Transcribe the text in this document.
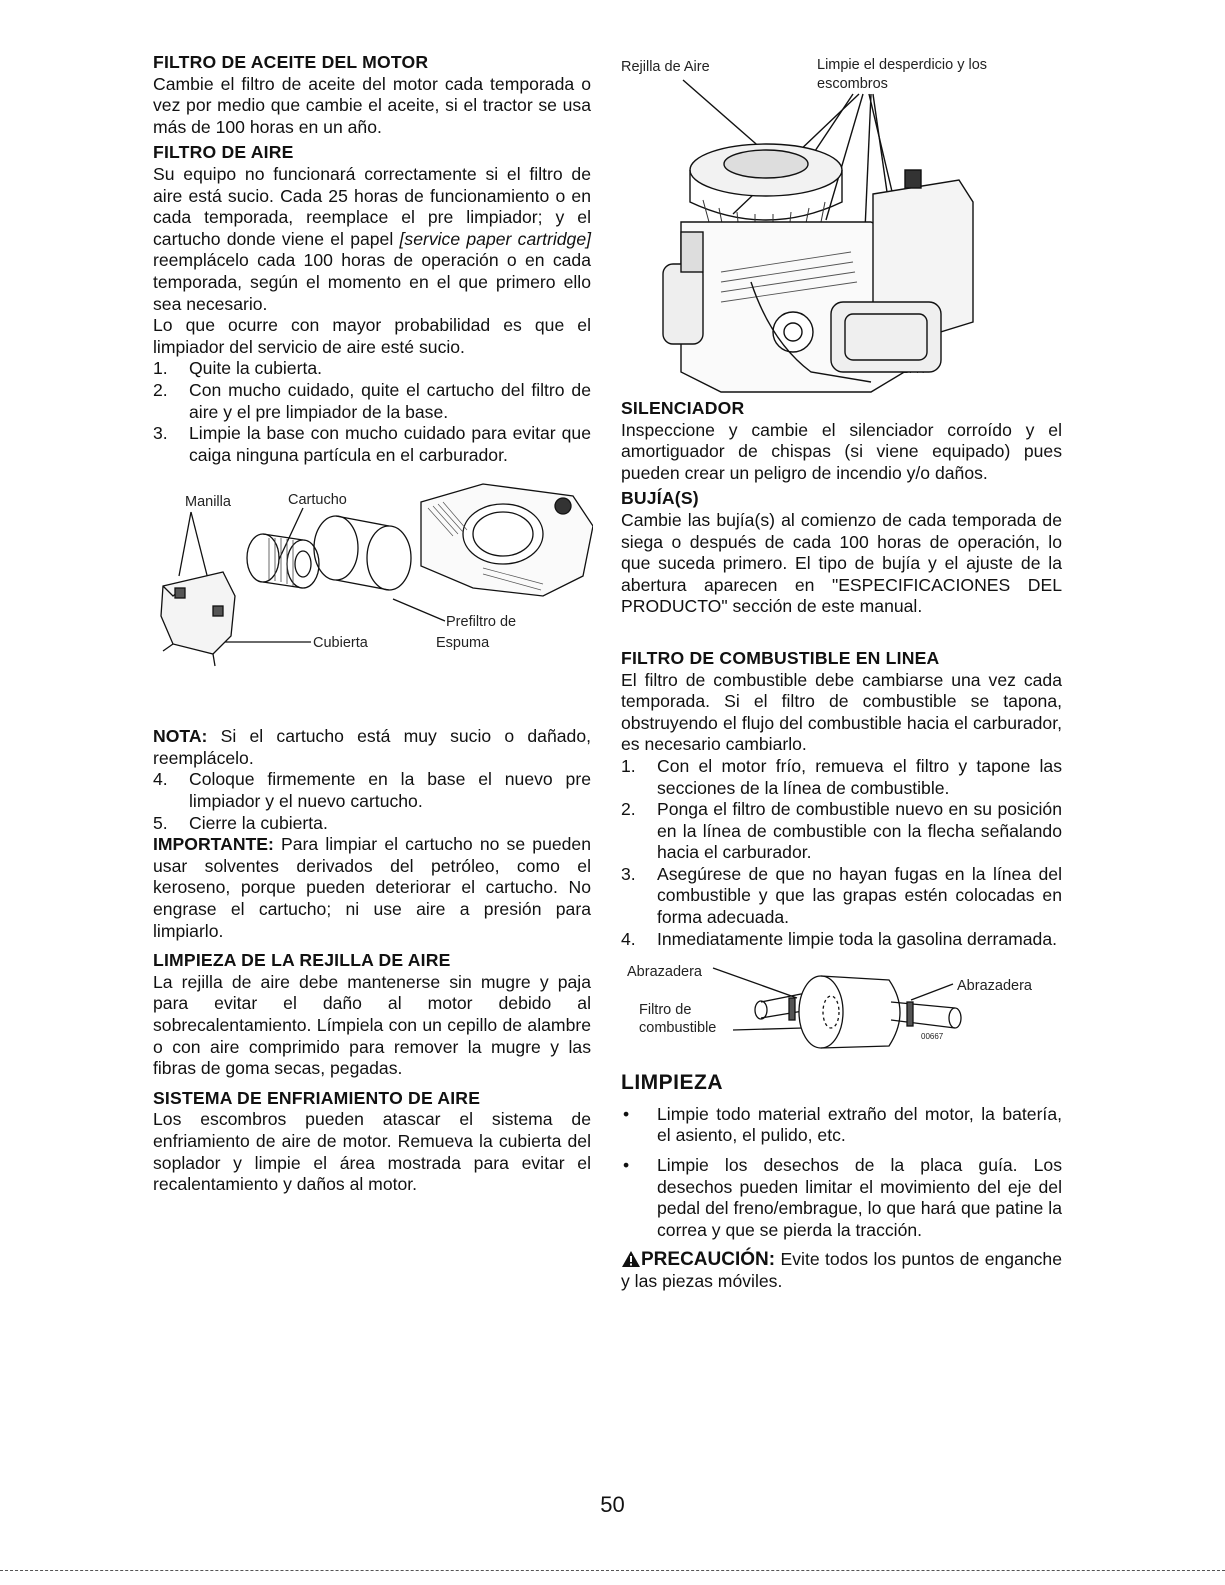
FILTRO DE ACEITE DEL MOTOR

Cambie el filtro de aceite del motor cada temporada o vez por medio que cambie el aceite, si el tractor se usa más de 100 horas en un año.

FILTRO DE AIRE

Su equipo no funcionará correctamente si el filtro de aire está sucio. Cada 25 horas de funcionamiento o en cada temporada, reemplace el pre limpiador; y el cartucho donde viene el papel [service paper cartridge] reemplácelo cada 100 horas de operación o en cada temporada, según el momento en el que primero ello sea necesario.

Lo que ocurre con mayor probabilidad es que el limpiador del servicio de aire esté sucio.

1. Quite la cubierta.
2. Con mucho cuidado, quite el cartucho del filtro de aire y el pre limpiador de la base.
3. Limpie la base con mucho cuidado para evitar que caiga ninguna partícula en el carburador.
Manilla	Cartucho
Prefiltro de
Espuma
Cubierta

NOTA: Si el cartucho está muy sucio o dañado, reemplácelo.

4. Coloque firmemente en la base el nuevo pre limpiador y el nuevo cartucho.
5. Cierre la cubierta.

IMPORTANTE: Para limpiar el cartucho no se pueden usar solventes derivados del petróleo, como el keroseno, porque pueden deteriorar el cartucho. No engrase el cartucho; ni use aire a presión para limpiarlo.

LIMPIEZA DE LA REJILLA DE AIRE

La rejilla de aire debe mantenerse sin mugre y paja para evitar el daño al motor debido al sobrecalentamiento. Límpiela con un cepillo de alambre o con aire comprimido para remover la mugre y las fibras de goma secas, pegadas.

SISTEMA DE ENFRIAMIENTO DE AIRE

Los escombros pueden atascar el sistema de enfriamiento de aire de motor. Remueva la cubierta del soplador y limpie el área mostrada para evitar el recalentamiento y daños al motor.

Rejilla de Aire	Limpie el desperdicio y los
escombros
SILENCIADOR

Inspeccione y cambie el silenciador corroído y el amortiguador de chispas (si viene equipado) pues pueden crear un peligro de incendio y/o daños.

BUJÍA(S)

Cambie las bujía(s) al comienzo de cada temporada de siega o después de cada 100 horas de operación, lo que suceda primero. El tipo de bujía y el ajuste de la abertura aparecen en "ESPECIFICACIONES DEL PRODUCTO" sección de este manual.

FILTRO DE COMBUSTIBLE EN LINEA

El filtro de combustible debe cambiarse una vez cada temporada. Si el filtro de combustible se tapona, obstruyendo el flujo del combustible hacia el carburador, es necesario cambiarlo.

1. Con el motor frío, remueva el filtro y tapone las secciones de la línea de combustible.
2. Ponga el filtro de combustible nuevo en su posición en la línea de combustible con la flecha señalando hacia el carburador.
3. Asegúrese de que no hayan fugas en la línea del combustible y que las grapas estén colocadas en forma adecuada.
4. Inmediatamente limpie toda la gasolina derramada.
Abrazadera
Abrazadera
Filtro de
combustible
00667
LIMPIEZA
• Limpie todo material extraño del motor, la batería, el asiento, el pulido, etc.
• Limpie los desechos de la placa guía. Los desechos pueden limitar el movimiento del eje del pedal del freno/embrague, lo que hará que patine la correa y que se pierda la tracción.

PRECAUCIÓN: Evite todos los puntos de enganche y las piezas móviles.

50
